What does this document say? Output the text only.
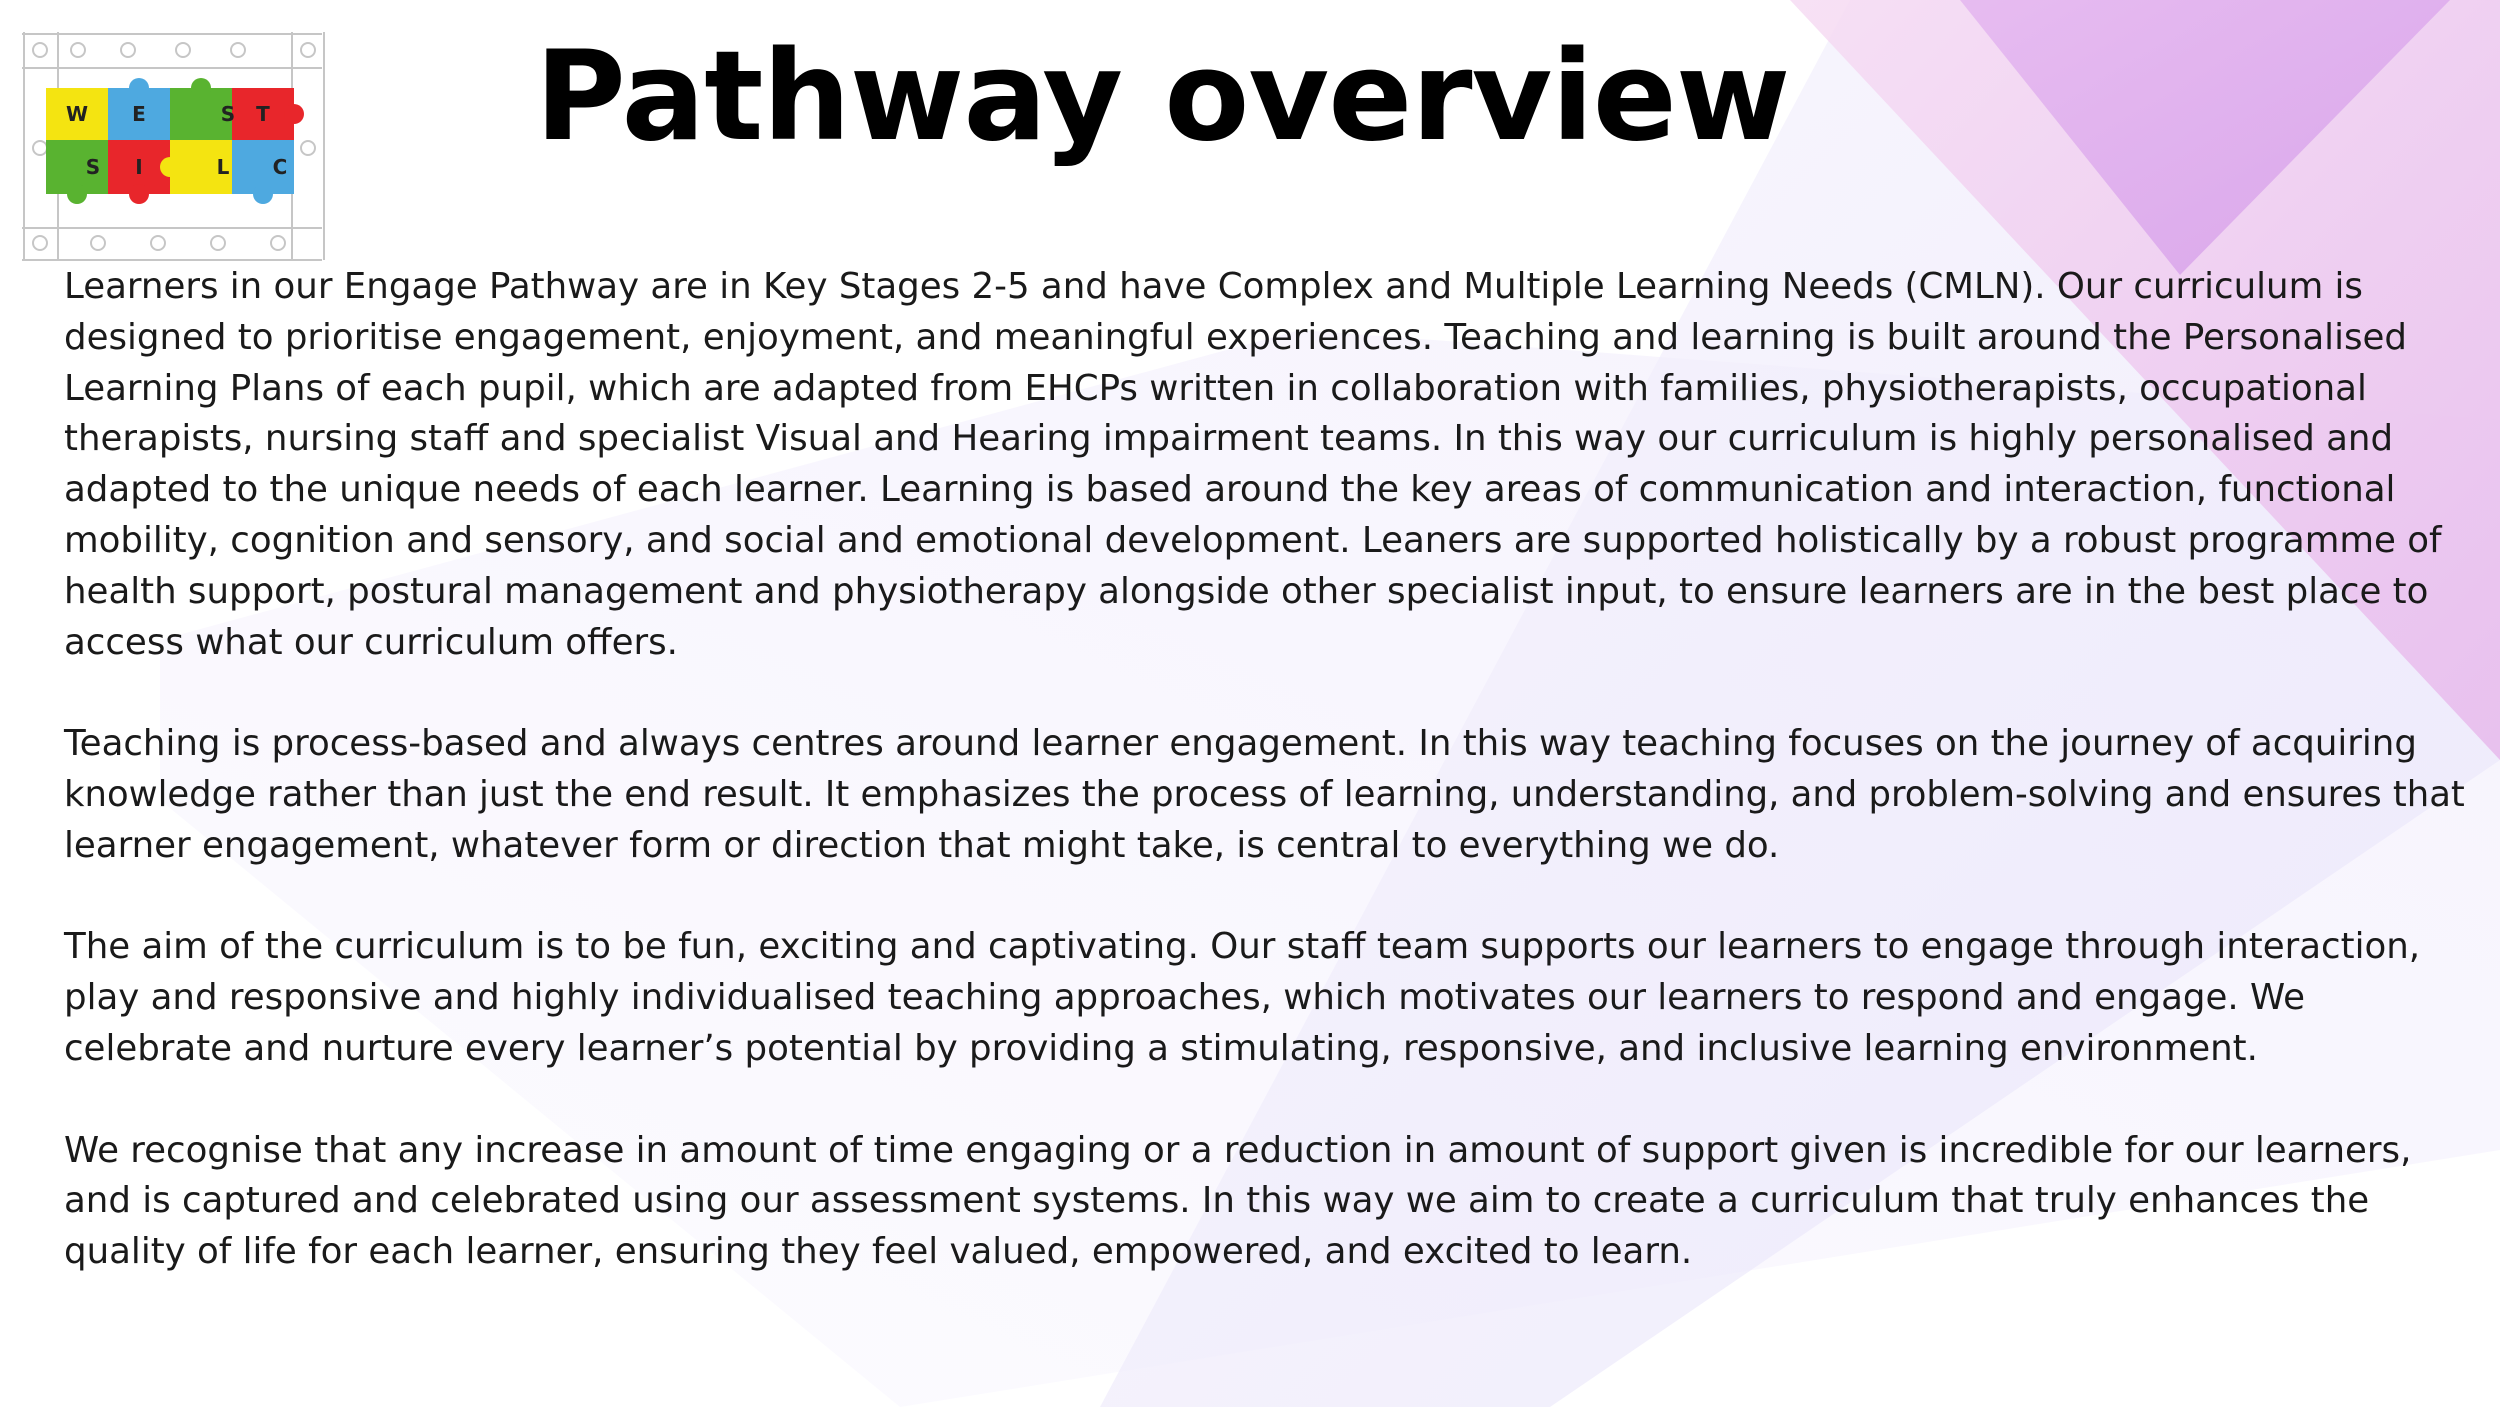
W E	S T
S I	L C Pathway overview

Learners in our Engage Pathway are in Key Stages 2-5 and have Complex and Multiple Learning Needs (CMLN). Our curriculum is
designed to prioritise engagement, enjoyment, and meaningful experiences. Teaching and learning is built around the Personalised
Learning Plans of each pupil, which are adapted from EHCPs written in collaboration with families, physiotherapists, occupational
therapists, nursing staff and specialist Visual and Hearing impairment teams. In this way our curriculum is highly personalised and
adapted to the unique needs of each learner. Learning is based around the key areas of communication and interaction, functional
mobility, cognition and sensory, and social and emotional development. Leaners are supported holistically by a robust programme of
health support, postural management and physiotherapy alongside other specialist input, to ensure learners are in the best place to
access what our curriculum offers.

Teaching is process-based and always centres around learner engagement. In this way teaching focuses on the journey of acquiring
knowledge rather than just the end result. It emphasizes the process of learning, understanding, and problem-solving and ensures that
learner engagement, whatever form or direction that might take, is central to everything we do.

The aim of the curriculum is to be fun, exciting and captivating. Our staff team supports our learners to engage through interaction,
play and responsive and highly individualised teaching approaches, which motivates our learners to respond and engage. We
celebrate and nurture every learner’s potential by providing a stimulating, responsive, and inclusive learning environment.

We recognise that any increase in amount of time engaging or a reduction in amount of support given is incredible for our learners,
and is captured and celebrated using our assessment systems. In this way we aim to create a curriculum that truly enhances the
quality of life for each learner, ensuring they feel valued, empowered, and excited to learn.
